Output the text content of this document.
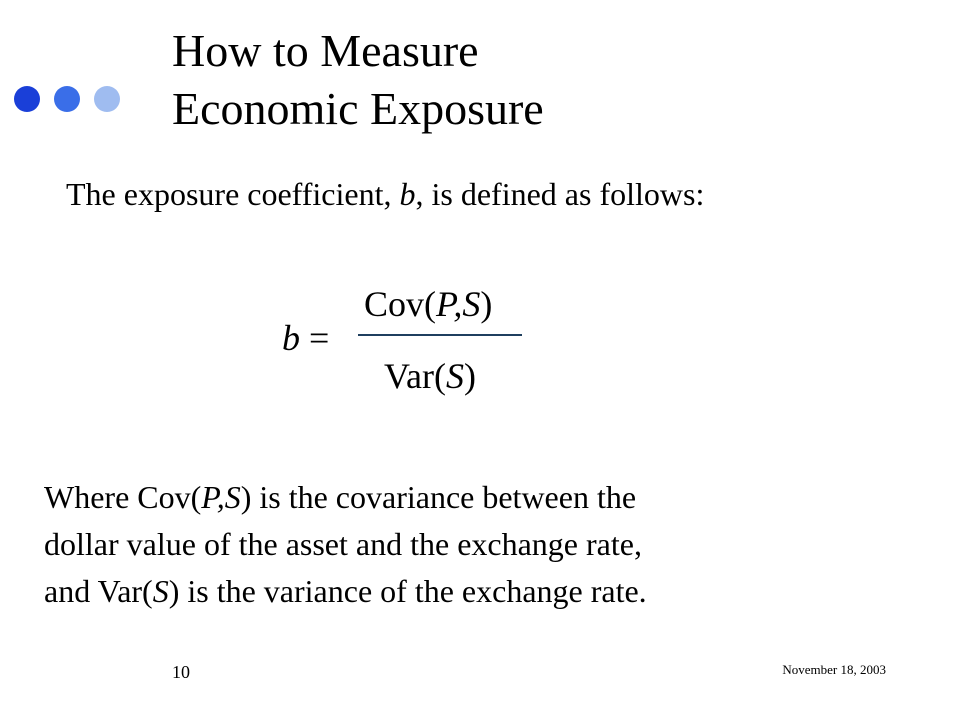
How to Measure
Economic Exposure
The exposure coefficient, b, is defined as follows:
b =
Cov(P,S)
Var(S)
Where Cov(P,S) is the covariance between the
dollar value of the asset and the exchange rate,
and Var(S) is the variance of the exchange rate.
10	November 18, 2003
